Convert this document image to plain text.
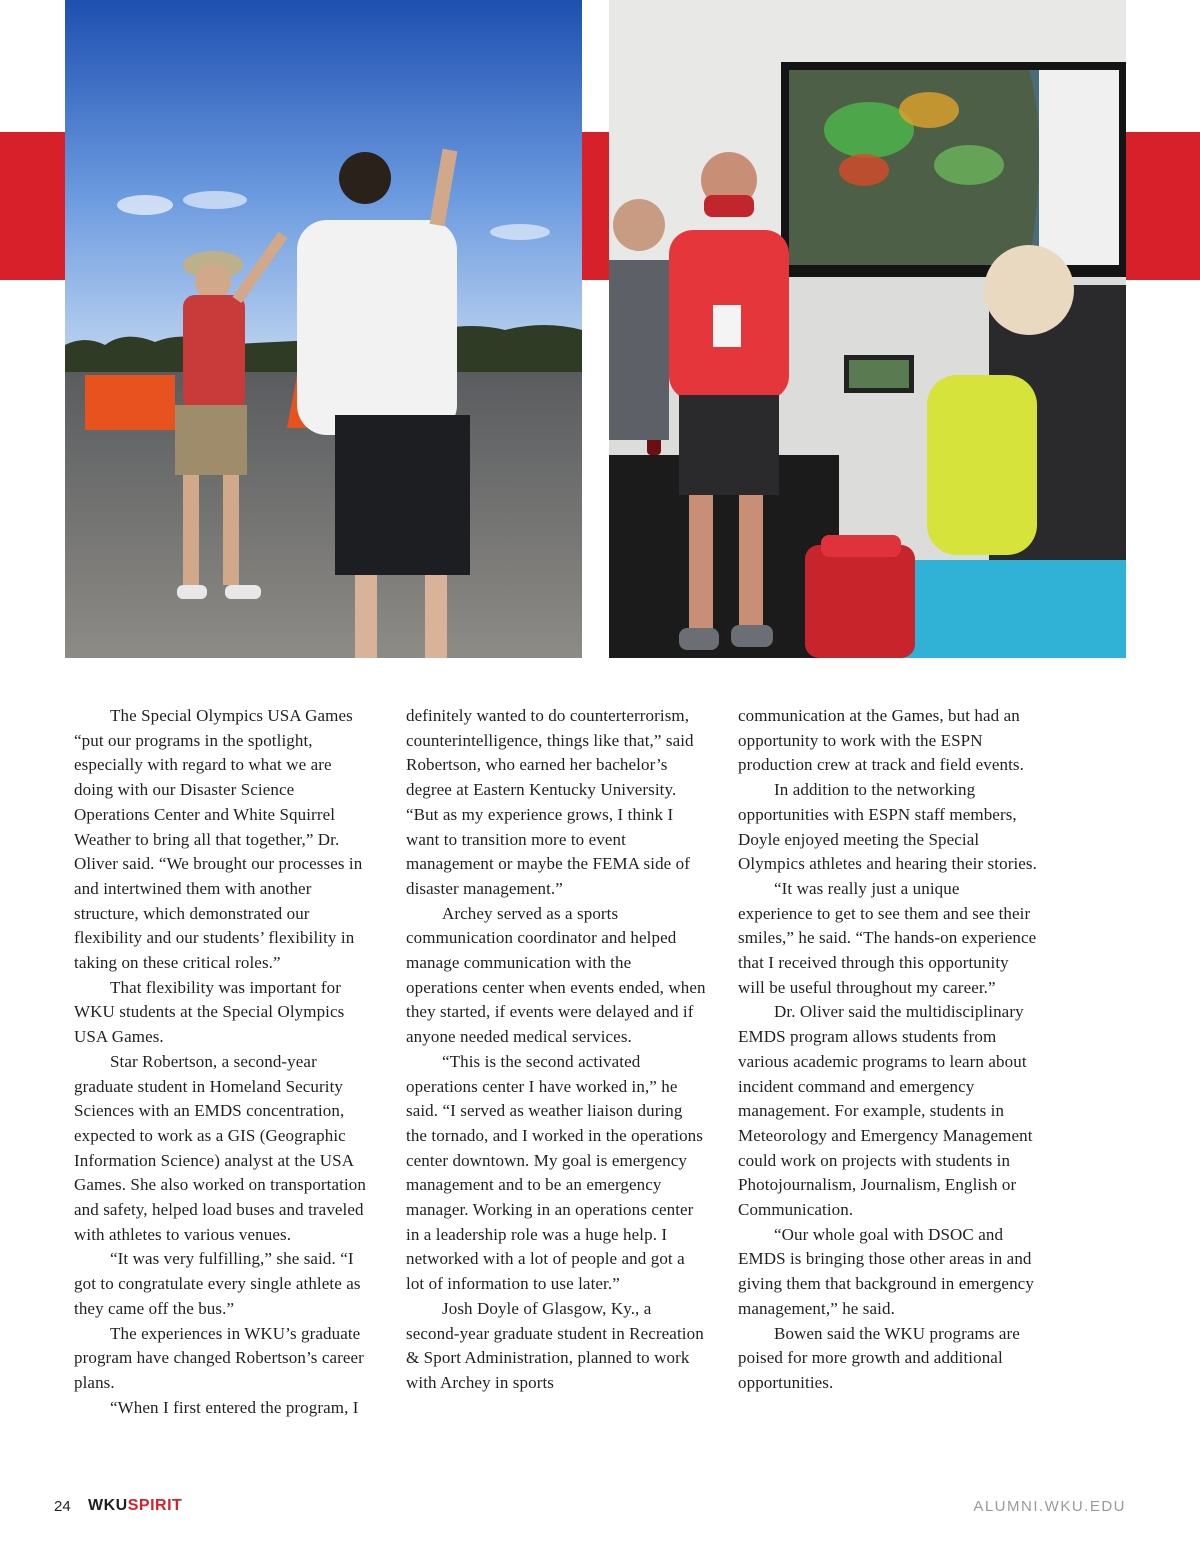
The Special Olympics USA Games “put our programs in the spotlight, especially with regard to what we are doing with our Disaster Science Operations Center and White Squirrel Weather to bring all that together,” Dr. Oliver said. “We brought our processes in and intertwined them with another structure, which demonstrated our flexibility and our students’ flexibility in taking on these critical roles.”

That flexibility was important for WKU students at the Special Olympics USA Games.

Star Robertson, a second-year graduate student in Homeland Security Sciences with an EMDS concentration, expected to work as a GIS (Geographic Information Science) analyst at the USA Games. She also worked on transportation and safety, helped load buses and traveled with athletes to various venues.

“It was very fulfilling,” she said. “I got to congratulate every single athlete as they came off the bus.”

The experiences in WKU’s graduate program have changed Robertson’s career plans.

“When I first entered the program, I

definitely wanted to do counterterrorism, counterintelligence, things like that,” said Robertson, who earned her bachelor’s degree at Eastern Kentucky University. “But as my experience grows, I think I want to transition more to event management or maybe the FEMA side of disaster management.”

Archey served as a sports communication coordinator and helped manage communication with the operations center when events ended, when they started, if events were delayed and if anyone needed medical services.

“This is the second activated operations center I have worked in,” he said. “I served as weather liaison during the tornado, and I worked in the operations center downtown. My goal is emergency management and to be an emergency manager. Working in an operations center in a leadership role was a huge help. I networked with a lot of people and got a lot of information to use later.”

Josh Doyle of Glasgow, Ky., a second-year graduate student in Recreation & Sport Administration, planned to work with Archey in sports

communication at the Games, but had an opportunity to work with the ESPN production crew at track and field events.

In addition to the networking opportunities with ESPN staff members, Doyle enjoyed meeting the Special Olympics athletes and hearing their stories.

“It was really just a unique experience to get to see them and see their smiles,” he said. “The hands-on experience that I received through this opportunity will be useful throughout my career.”

Dr. Oliver said the multidisciplinary EMDS program allows students from various academic programs to learn about incident command and emergency management. For example, students in Meteorology and Emergency Management could work on projects with students in Photojournalism, Journalism, English or Communication.

“Our whole goal with DSOC and EMDS is bringing those other areas in and giving them that background in emergency management,” he said.

Bowen said the WKU programs are poised for more growth and additional opportunities.

24 WKUSPIRIT	ALUMNI.WKU.EDU
